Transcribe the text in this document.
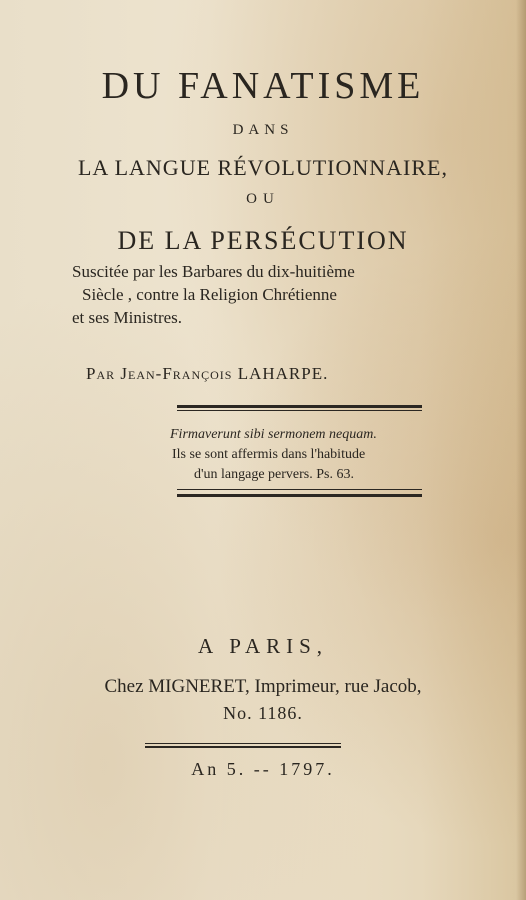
DU FANATISME
DANS
LA LANGUE RÉVOLUTIONNAIRE,
OU
DE LA PERSÉCUTION
Suscitée par les Barbares du dix-huitième
Siècle , contre la Religion Chrétienne
et ses Ministres.
Par Jean-François LAHARPE.
Firmaverunt sibi sermonem nequam.
Ils se sont affermis dans l'habitude
d'un langage pervers. Ps. 63.
A PARIS,
Chez MIGNERET, Imprimeur, rue Jacob,
No. 1186.
An 5. -- 1797.
